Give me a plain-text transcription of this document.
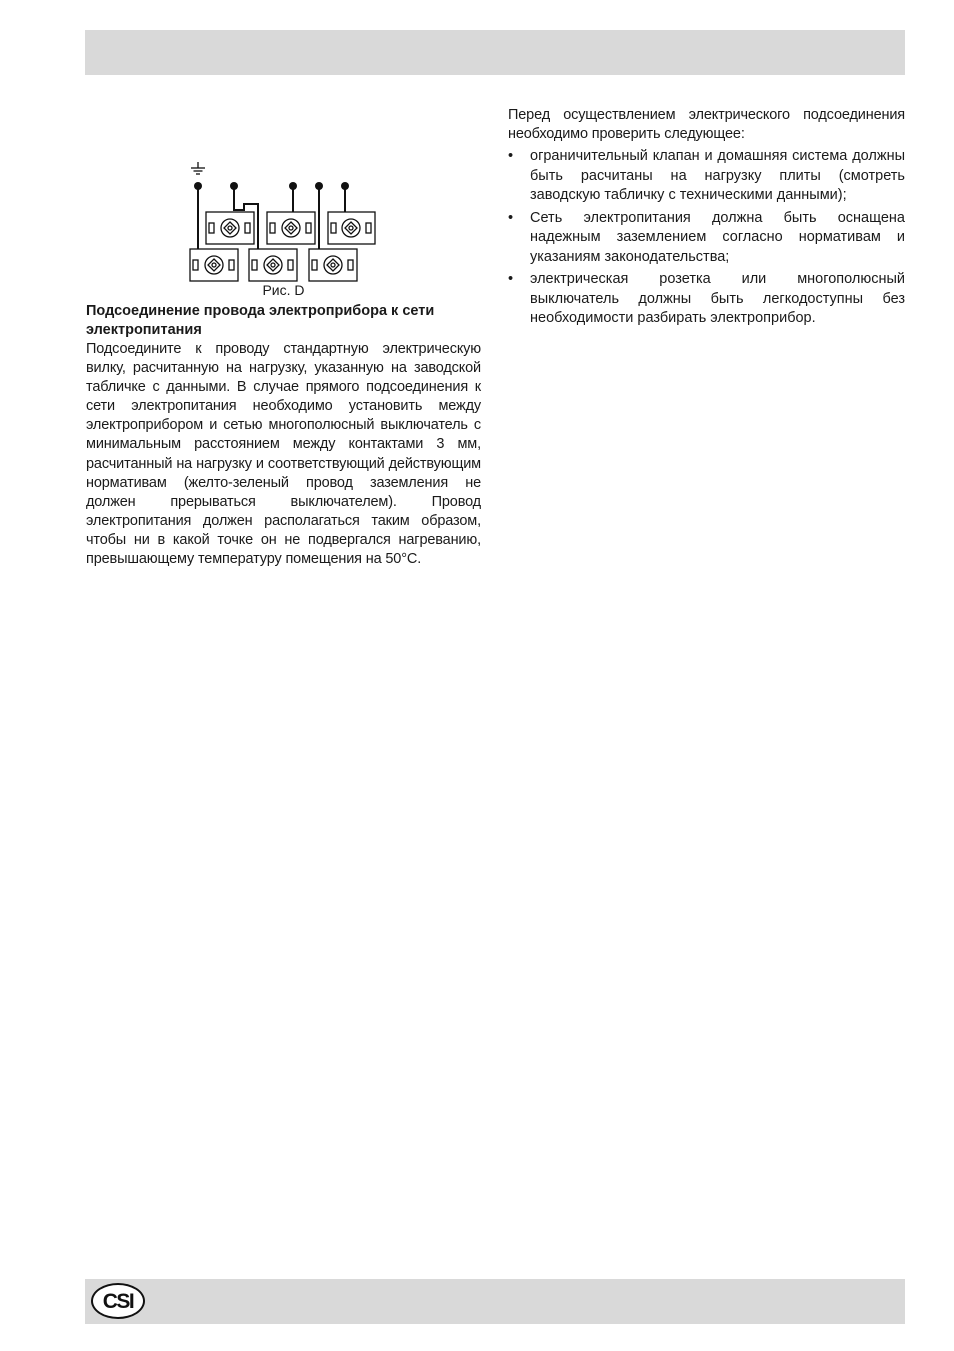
Рис. D
Подсоединение провода электроприбора к сети электропитания

Подсоедините к проводу стандартную электрическую вилку, расчитанную на нагрузку, указанную на заводской табличке с данными. В случае прямого подсоединения к сети электропитания необходимо установить между электроприбором и сетью многополюсный выключатель с минимальным расстоянием между контактами 3 мм, расчитанный на нагрузку и соответствующий действующим нормативам (желто-зеленый провод заземления не должен прерываться выключателем). Провод электропитания должен располагаться таким образом, чтобы ни в какой точке он не подвергался нагреванию, превышающему температуру помещения на 50°C.

Перед осуществлением электрического подсоединения необходимо проверить следующее:

• ограничительный клапан и домашняя система должны быть расчитаны на нагрузку плиты (смотреть заводскую табличку с техническими данными);
• Сеть электропитания должна быть оснащена надежным заземлением согласно нормативам и указаниям законодательства;
• электрическая розетка или многополюсный выключатель должны быть легкодоступны без необходимости разбирать электроприбор.
CSI
